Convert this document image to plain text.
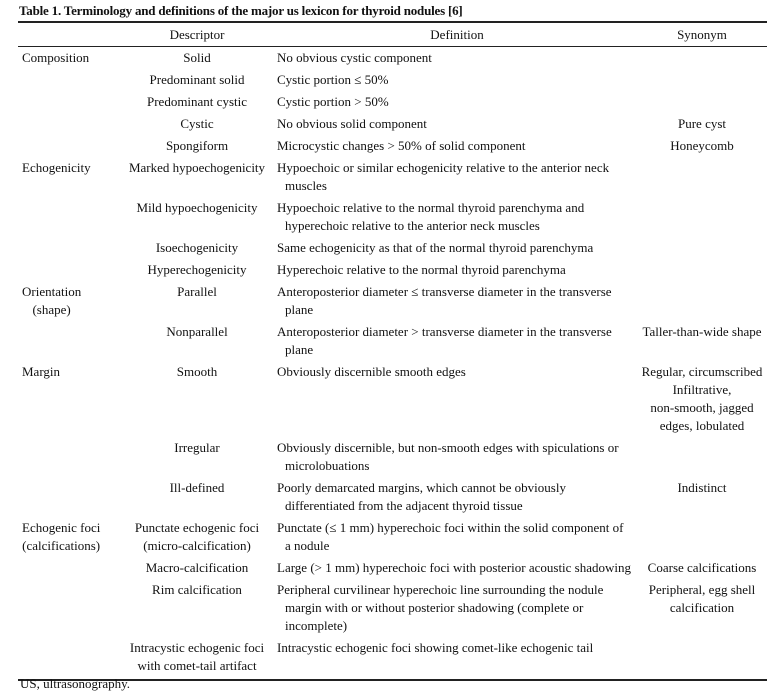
Table 1. Terminology and definitions of the major us lexicon for thyroid nodules [6]
	Descriptor	Definition	Synonym
Composition	Solid	No obvious cystic component	

	Predominant solid	Cystic portion ≤ 50%	

	Predominant cystic	Cystic portion > 50%	

	Cystic	No obvious solid component	Pure cyst
	Spongiform	Microcystic changes > 50% of solid component	Honeycomb
Echogenicity	Marked hypoechogenicity	Hypoechoic or similar echogenicity relative to the anterior neck
muscles	

	Mild hypoechogenicity	Hypoechoic relative to the normal thyroid parenchyma and
hyperechoic relative to the anterior neck muscles	

	Isoechogenicity	Same echogenicity as that of the normal thyroid parenchyma	

	Hyperechogenicity	Hyperechoic relative to the normal thyroid parenchyma	

Orientation
(shape)	Parallel	Anteroposterior diameter ≤ transverse diameter in the transverse
plane	

	Nonparallel	Anteroposterior diameter > transverse diameter in the transverse
plane	Taller-than-wide shape
Margin	Smooth	Obviously discernible smooth edges	Regular, circumscribed
Infiltrative,
non-smooth, jagged
edges, lobulated
	Irregular	Obviously discernible, but non-smooth edges with spiculations or
microlobuations	

	Ill-defined	Poorly demarcated margins, which cannot be obviously
differentiated from the adjacent thyroid tissue	Indistinct
Echogenic foci
(calcifications)	Punctate echogenic foci
(micro-calcification)	Punctate (≤ 1 mm) hyperechoic foci within the solid component of
a nodule	

	Macro-calcification	Large (> 1 mm) hyperechoic foci with posterior acoustic shadowing	Coarse calcifications
	Rim calcification	Peripheral curvilinear hyperechoic line surrounding the nodule
margin with or without posterior shadowing (complete or
incomplete)	Peripheral, egg shell
calcification
	Intracystic echogenic foci
with comet-tail artifact	Intracystic echogenic foci showing comet-like echogenic tail	

US, ultrasonography.
